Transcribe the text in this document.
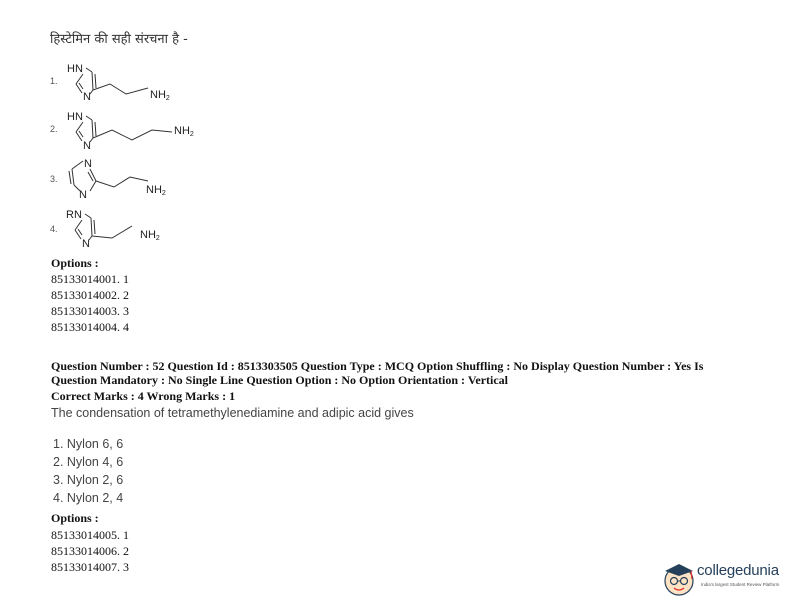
हिस्टेमिन की सही संरचना है -
1.
HN
N	NH2
2.
HN
N
NH2
3.
N
N	NH2
4.
RN
N
NH2
Options :
85133014001. 1
85133014002. 2
85133014003. 3
85133014004. 4
Question Number : 52 Question Id : 8513303505 Question Type : MCQ Option Shuffling : No Display Question Number : Yes Is Question Mandatory : No Single Line Question Option : No Option Orientation : Vertical
Correct Marks : 4 Wrong Marks : 1
The condensation of tetramethylenediamine and adipic acid gives
1. Nylon 6, 6
2. Nylon 4, 6
3. Nylon 2, 6
4. Nylon 2, 4
Options :
85133014005. 1
85133014006. 2
85133014007. 3	collegedunia
India's largest Student Review Platform
